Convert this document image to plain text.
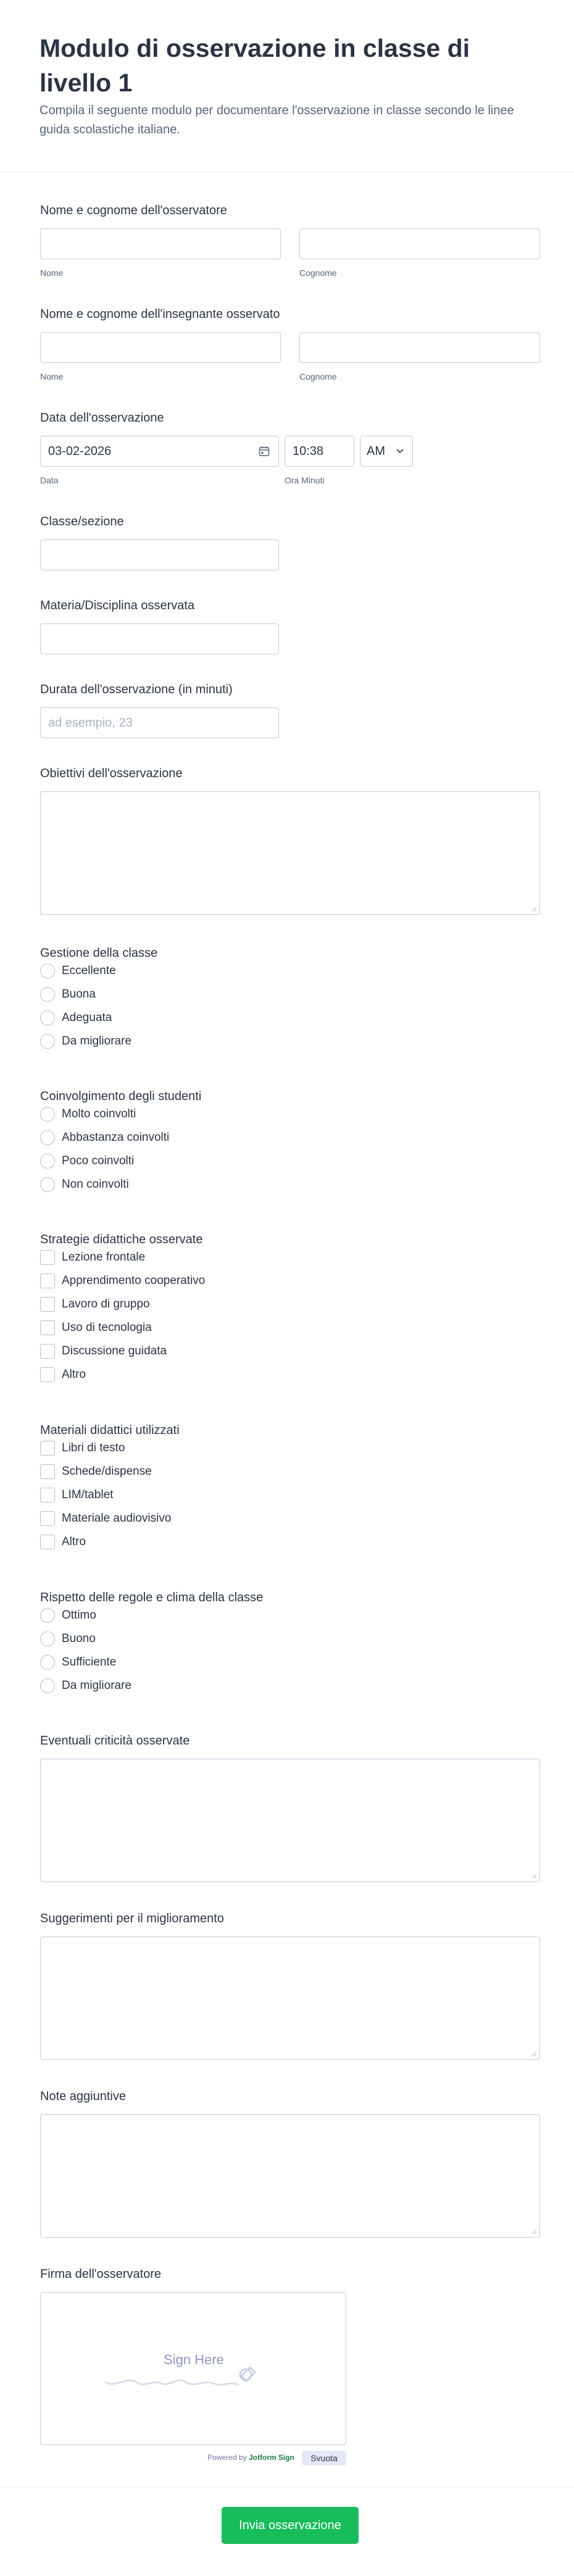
Modulo di osservazione in classe di livello 1

Compila il seguente modulo per documentare l'osservazione in classe secondo le linee guida scolastiche italiane.

Nome e cognome dell'osservatore

Nome	Cognome

Nome e cognome dell'insegnante osservato

Nome	Cognome

Data dell'osservazione

03-02-2026	10:38	AM
Data	Ora Minuti

Classe/sezione

Materia/Disciplina osservata

Durata dell'osservazione (in minuti)

ad esempio, 23

Obiettivi dell'osservazione

Gestione della classe

Eccellente
Buona
Adeguata
Da migliorare

Coinvolgimento degli studenti

Molto coinvolti
Abbastanza coinvolti
Poco coinvolti
Non coinvolti

Strategie didattiche osservate

Lezione frontale
Apprendimento cooperativo
Lavoro di gruppo
Uso di tecnologia
Discussione guidata
Altro

Materiali didattici utilizzati

Libri di testo
Schede/dispense
LIM/tablet
Materiale audiovisivo
Altro

Rispetto delle regole e clima della classe

Ottimo
Buono
Sufficiente
Da migliorare

Eventuali criticità osservate

Suggerimenti per il miglioramento

Note aggiuntive

Firma dell'osservatore

Sign Here
Powered by Jotform Sign	Svuota
Invia osservazione
